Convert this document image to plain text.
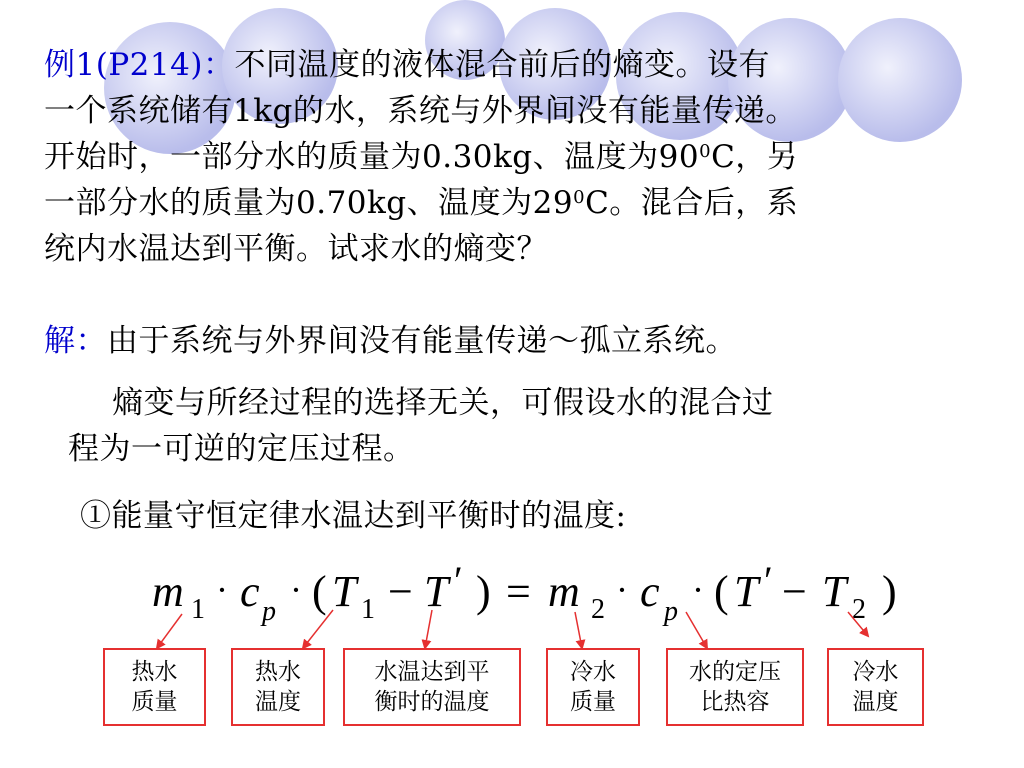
例1(P214)：不同温度的液体混合前后的熵变。设有
一个系统储有1kg的水，系统与外界间没有能量传递。
开始时，一部分水的质量为0.30kg、温度为$90^0C$，另
一部分水的质量为0.70kg、温度为$29^0C$。混合后，系
统内水温达到平衡。试求水的熵变？
解：由于系统与外界间没有能量传递～孤立系统。
熵变与所经过程的选择无关，可假设水的混合过
程为一可逆的定压过程。
①能量守恒定律水温达到平衡时的温度:
m 1 · c p
· ( T 1 − T ′ ) = m 2 · c p
· ( T ′ − T 2 )
热水
质量
热水
温度
水温达到平
衡时的温度
冷水
质量
水的定压
比热容
冷水
温度
